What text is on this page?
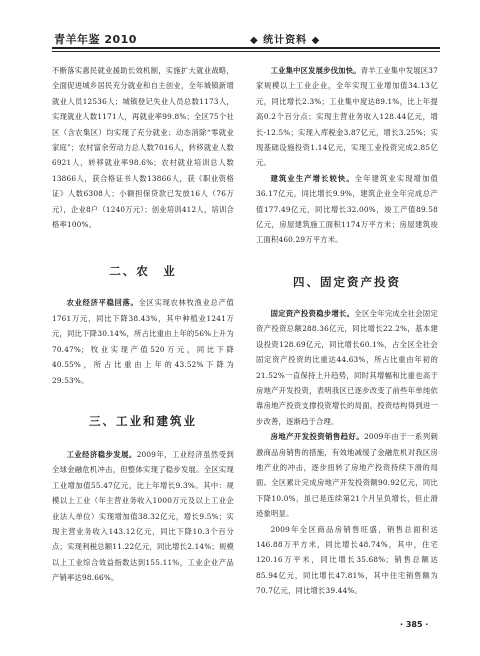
青羊年鉴 2010	◆ 统计资料 ◆

不断落实惠民就业援助长效机制，实施扩大就业战略，全面促进城乡居民充分就业和自主创业，全年城镇新增就业人员12536人；城镇登记失业人员总数1173人，实现就业人数1171人，再就业率99.8%；全区75个社区（含农集区）均实现了充分就业；动态消除“零就业家庭”；农村富余劳动力总人数7016人，转移就业人数6921人，转移就业率98.6%；农村就业培训总人数13866人，获合格证书人数13866人，获《职业资格证》人数6308人；小额担保贷款已发放16人（76万元），企业8户（1240万元）；创业培训412人，培训合格率100%。

二、农　业

农业经济平稳回落。全区实现农林牧渔业总产值1761万元，同比下降38.43%，其中种植业1241万元，同比下降30.14%，所占比重由上年的56%上升为70.47%；牧业实现产值520万元，同比下降40.55%，所占比重由上年的43.52%下降为29.53%。

三、工业和建筑业

工业经济稳步发展。2009年，工业经济虽然受到全球金融危机冲击，但整体实现了稳步发展。全区实现工业增加值55.47亿元，比上年增长9.3%。其中：规模以上工业（年主营业务收入1000万元及以上工业企业法人单位）实现增加值38.32亿元，增长9.5%；实现主营业务收入143.12亿元，同比下降10.3个百分点；实现利税总额11.22亿元，同比增长2.14%；规模以上工业综合效益指数达到155.11%，工业企业产品产销率达98.66%。

工业集中区发展步伐加快。青羊工业集中发展区37家规模以上工业企业，全年实现工业增加值34.13亿元，同比增长2.3%；工业集中度达89.1%，比上年提高0.2个百分点；实现主营业务收入128.44亿元，增长-12.5%；实现入库税金3.87亿元，增长3.25%；实现基础设施投资1.14亿元，实现工业投资完成2.85亿元。

建筑业生产增长较快。全年建筑业实现增加值36.17亿元，同比增长9.9%，建筑企业全年完成总产值177.49亿元，同比增长32.00%，竣工产值89.58亿元，房屋建筑施工面积1174万平方米；房屋建筑竣工面积460.29万平方米。

四、固定资产投资

固定资产投资稳步增长。全区全年完成全社会固定资产投资总额288.36亿元，同比增长22.2%，基本建设投资128.69亿元，同比增长60.1%，占全区全社会固定资产投资的比重达44.63%，所占比重由年初的21.52%一直保持上升趋势，同时其增幅和比重也高于房地产开发投资，表明我区已逐步改变了前些年单纯依靠房地产投资支撑投资增长的局面，投资结构得到进一步改善，逐渐趋于合理。

房地产开发投资销售趋好。2009年由于一系列刺激商品房销售的措施，有效地减缓了金融危机对我区房地产业的冲击，逐步扭转了房地产投资持续下滑的局面。全区累计完成房地产开发投资额90.92亿元，同比下降10.0%，虽已是连续第21个月呈负增长，但止滑迹象明显。

2009年全区商品房销售旺盛，销售总面积达146.88万平方米，同比增长48.74%，其中，住宅120.16万平米，同比增长35.68%；销售总额达85.94亿元，同比增长47.81%，其中住宅销售额为70.7亿元，同比增长39.44%。

· 385 ·
